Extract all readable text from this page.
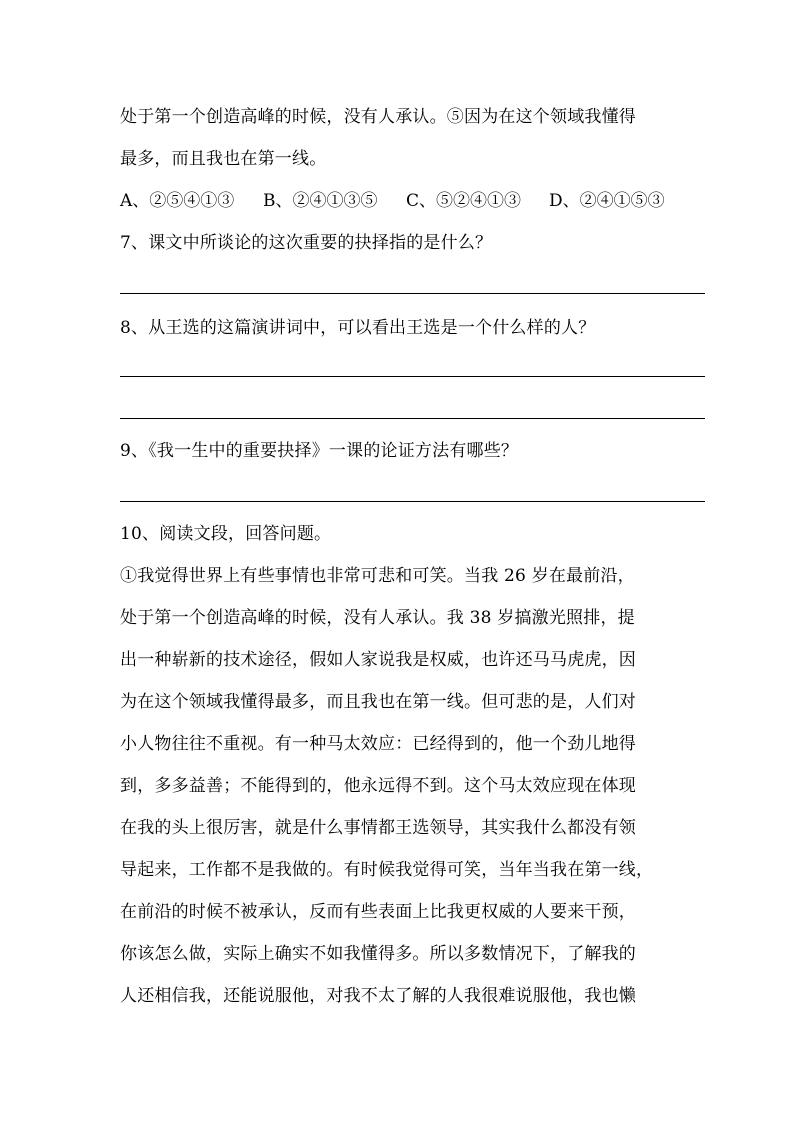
处于第一个创造高峰的时候，没有人承认。⑤因为在这个领域我懂得
最多，而且我也在第一线。
A、②⑤④①③	B、②④①③⑤	C、⑤②④①③	D、②④①⑤③
7、课文中所谈论的这次重要的抉择指的是什么？
8、从王选的这篇演讲词中，可以看出王选是一个什么样的人？
9、《我一生中的重要抉择》一课的论证方法有哪些？
10、阅读文段，回答问题。
①我觉得世界上有些事情也非常可悲和可笑。当我 26 岁在最前沿，
处于第一个创造高峰的时候，没有人承认。我 38 岁搞激光照排，提
出一种崭新的技术途径，假如人家说我是权威，也许还马马虎虎，因
为在这个领域我懂得最多，而且我也在第一线。但可悲的是，人们对
小人物往往不重视。有一种马太效应：已经得到的，他一个劲儿地得
到，多多益善；不能得到的，他永远得不到。这个马太效应现在体现
在我的头上很厉害，就是什么事情都王选领导，其实我什么都没有领
导起来，工作都不是我做的。有时候我觉得可笑，当年当我在第一线，
在前沿的时候不被承认，反而有些表面上比我更权威的人要来干预，
你该怎么做，实际上确实不如我懂得多。所以多数情况下，了解我的
人还相信我，还能说服他，对我不太了解的人我很难说服他，我也懒
